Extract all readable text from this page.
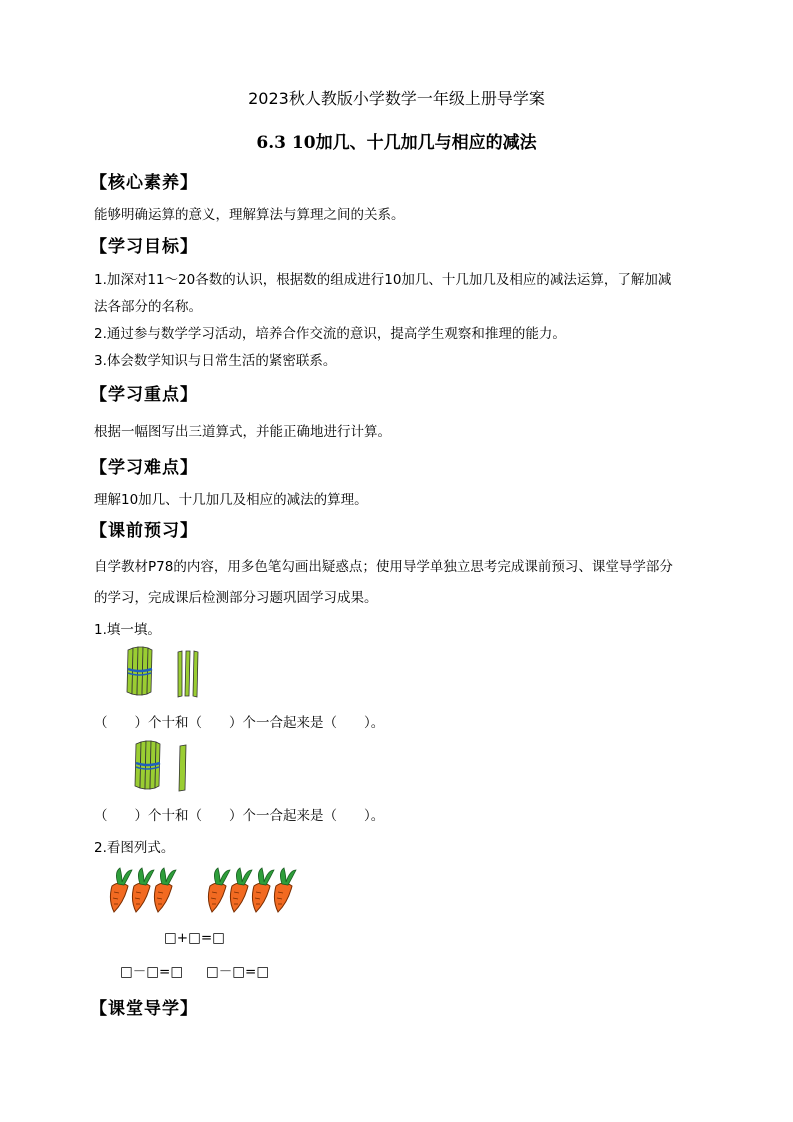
2023秋人教版小学数学一年级上册导学案
6.3 10加几、十几加几与相应的减法
【核心素养】
能够明确运算的意义，理解算法与算理之间的关系。
【学习目标】
1.加深对11～20各数的认识，根据数的组成进行10加几、十几加几及相应的减法运算，了解加减
法各部分的名称。
2.通过参与数学学习活动，培养合作交流的意识，提高学生观察和推理的能力。
3.体会数学知识与日常生活的紧密联系。
【学习重点】
根据一幅图写出三道算式，并能正确地进行计算。
【学习难点】
理解10加几、十几加几及相应的减法的算理。
【课前预习】
自学教材P78的内容，用多色笔勾画出疑惑点；使用导学单独立思考完成课前预习、课堂导学部分
的学习，完成课后检测部分习题巩固学习成果。
1.填一填。
（　　）个十和（　　）个一合起来是（　　）。
（　　）个十和（　　）个一合起来是（　　）。
2.看图列式。
□+□=□
□－□=□ □－□=□
【课堂导学】
